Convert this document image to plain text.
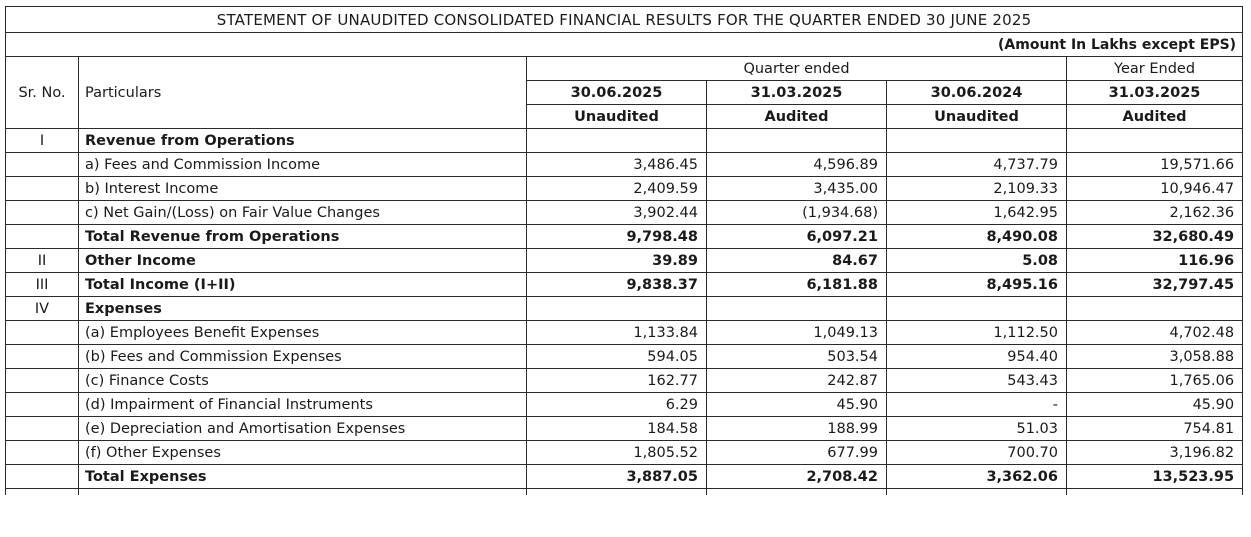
STATEMENT OF UNAUDITED CONSOLIDATED FINANCIAL RESULTS FOR THE QUARTER ENDED 30 JUNE 2025					
(Amount In Lakhs except EPS)					
Sr. No.	Particulars	Quarter ended			Year Ended
		30.06.2025	31.03.2025	30.06.2024	31.03.2025
		Unaudited	Audited	Unaudited	Audited
I	Revenue from Operations				
	a) Fees and Commission Income	3,486.45	4,596.89	4,737.79	19,571.66
	b) Interest Income	2,409.59	3,435.00	2,109.33	10,946.47
	c) Net Gain/(Loss) on Fair Value Changes	3,902.44	(1,934.68)	1,642.95	2,162.36
	Total Revenue from Operations	9,798.48	6,097.21	8,490.08	32,680.49
II	Other Income	39.89	84.67	5.08	116.96
III	Total Income (I+II)	9,838.37	6,181.88	8,495.16	32,797.45
IV	Expenses				
	(a) Employees Benefit Expenses	1,133.84	1,049.13	1,112.50	4,702.48
	(b) Fees and Commission Expenses	594.05	503.54	954.40	3,058.88
	(c) Finance Costs	162.77	242.87	543.43	1,765.06
	(d) Impairment of Financial Instruments	6.29	45.90	-	45.90
	(e) Depreciation and Amortisation Expenses	184.58	188.99	51.03	754.81
	(f) Other Expenses	1,805.52	677.99	700.70	3,196.82
	Total Expenses	3,887.05	2,708.42	3,362.06	13,523.95
